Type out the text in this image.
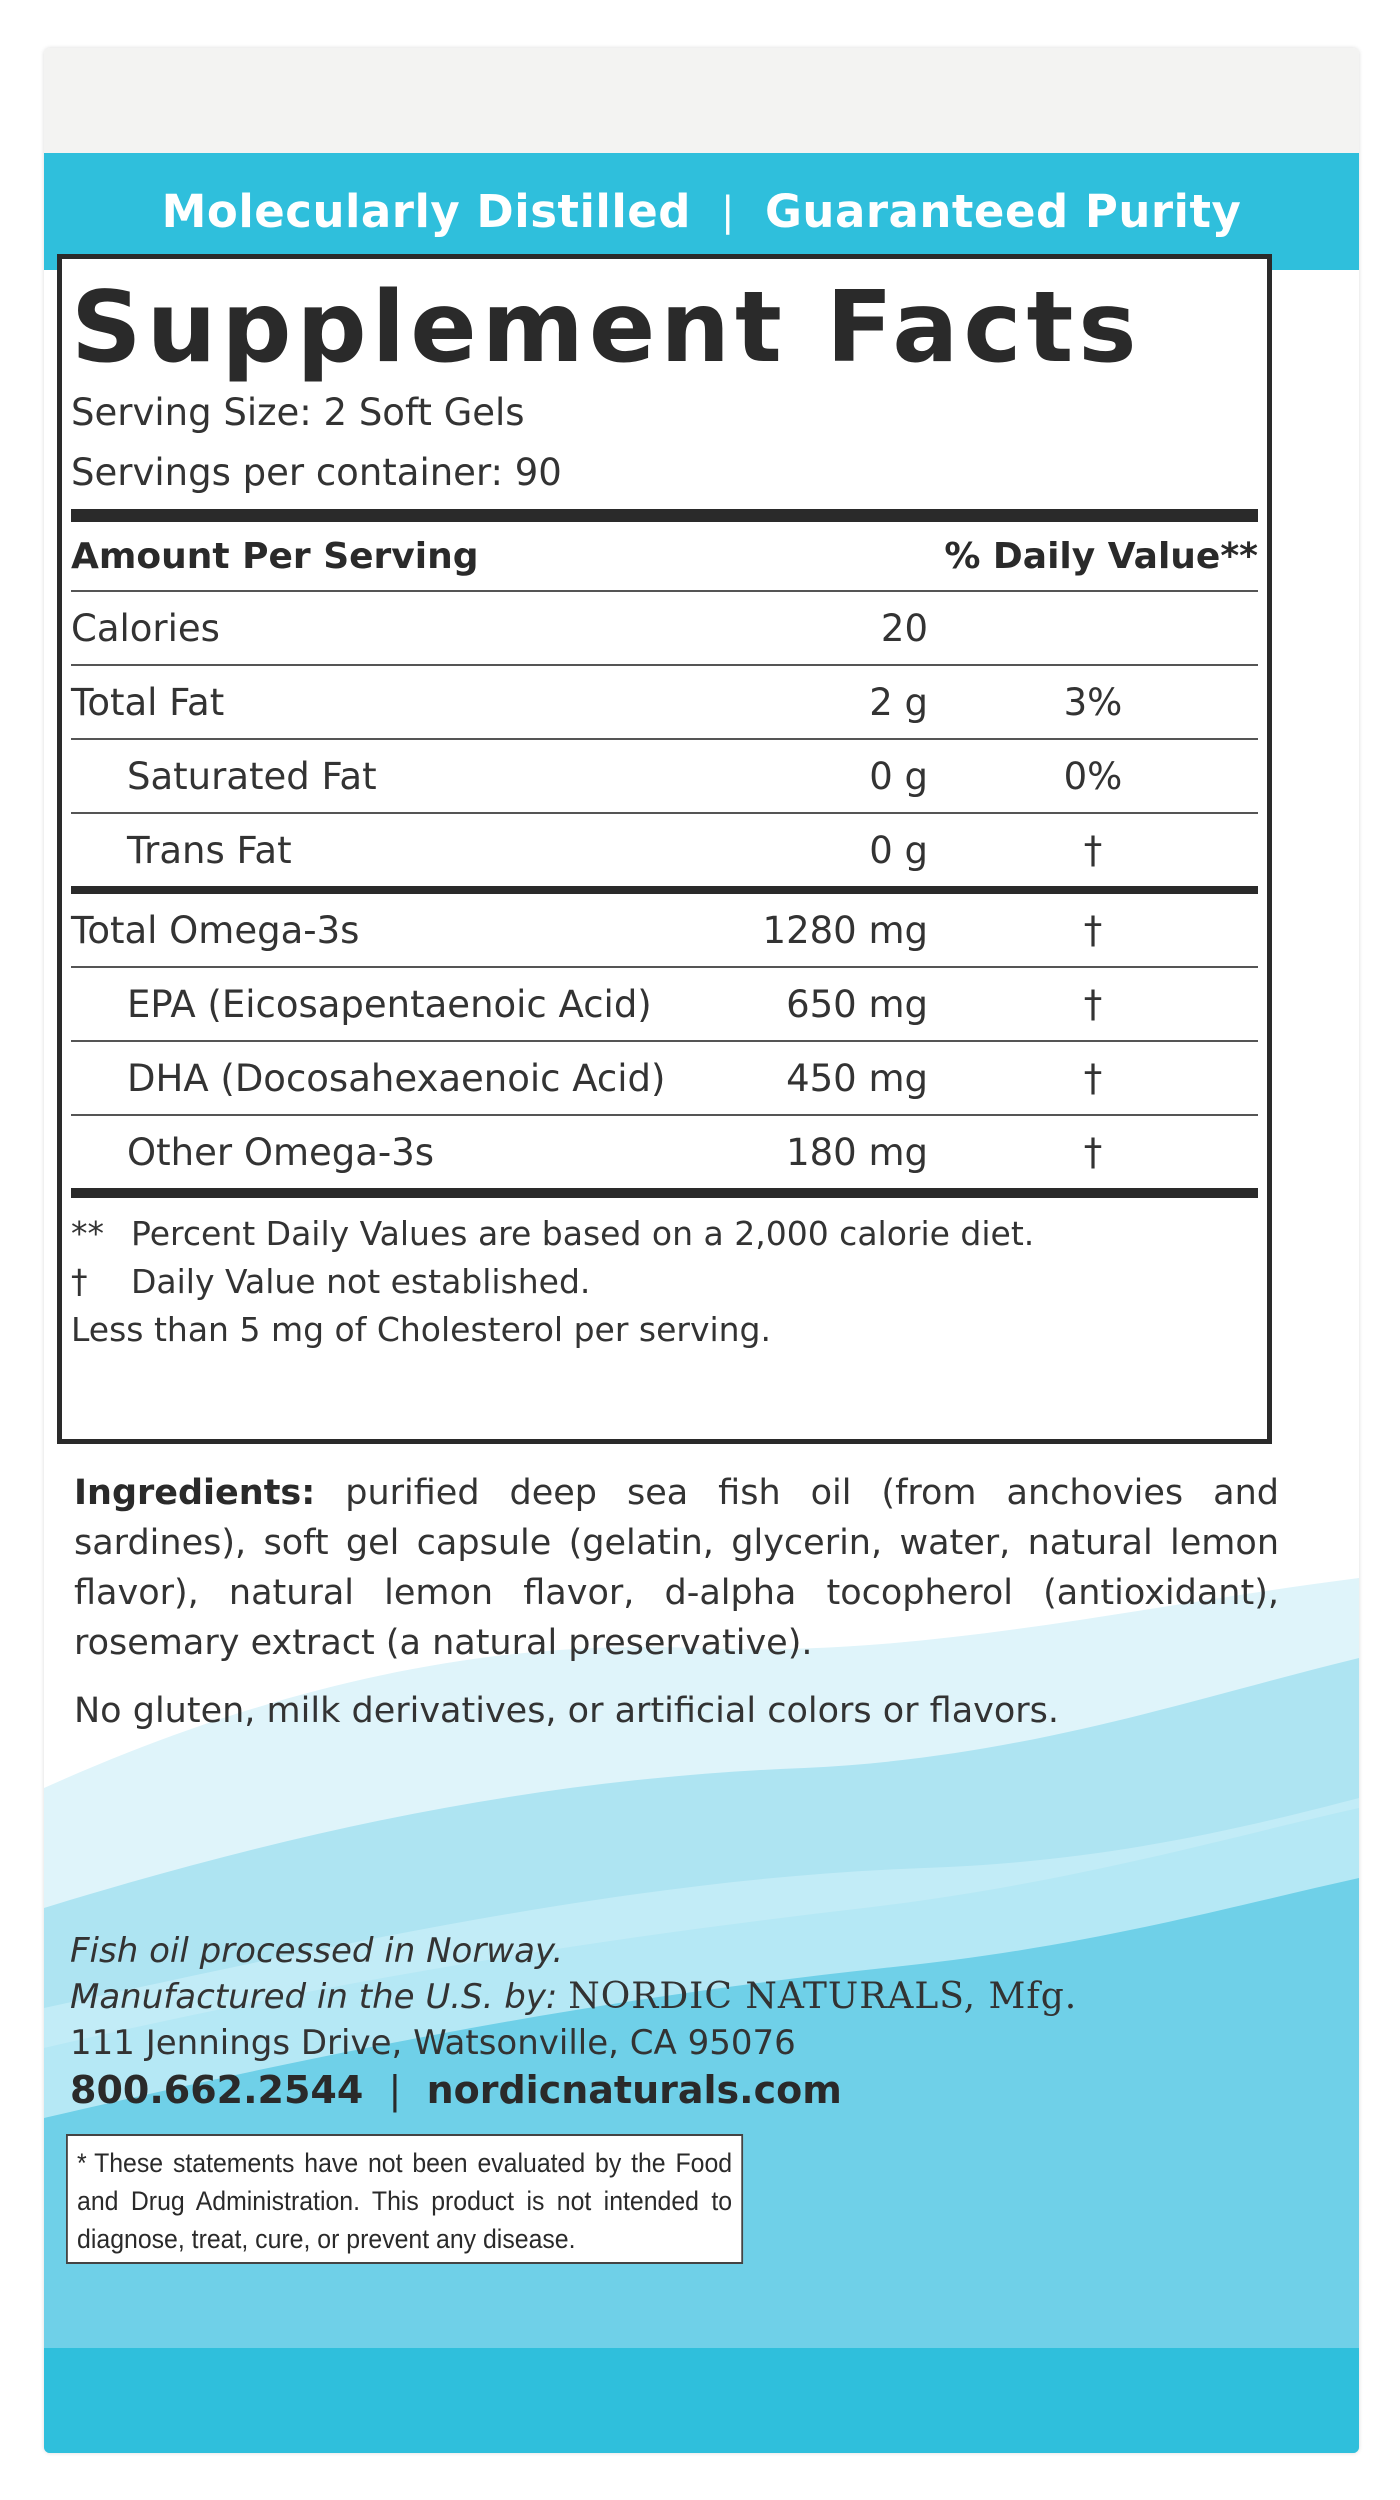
Molecularly Distilled | Guaranteed Purity
Supplement Facts
Serving Size: 2 Soft Gels
Servings per container: 90
Amount Per Serving	% Daily Value**
Calories	20
Total Fat	2 g	3%
Saturated Fat	0 g	0%
Trans Fat	0 g	†
Total Omega-3s	1280 mg	†
EPA (Eicosapentaenoic Acid)	650 mg	†
DHA (Docosahexaenoic Acid)	450 mg	†
Other Omega-3s	180 mg	†
** Percent Daily Values are based on a 2,000 calorie diet.
†	Daily Value not established.
Less than 5 mg of Cholesterol per serving.
Ingredients: purified deep sea fish oil (from anchovies and sardines), soft gel capsule (gelatin, glycerin, water, natural lemon flavor), natural lemon flavor, d-alpha tocopherol (antioxidant), rosemary extract (a natural preservative).
No gluten, milk derivatives, or artificial colors or flavors.
Fish oil processed in Norway.
Manufactured in the U.S. by: NORDIC NATURALS, Mfg.
111 Jennings Drive, Watsonville, CA 95076
800.662.2544 | nordicnaturals.com
* These statements have not been evaluated by the Food and Drug Administration. This product is not intended to diagnose, treat, cure, or prevent any disease.
